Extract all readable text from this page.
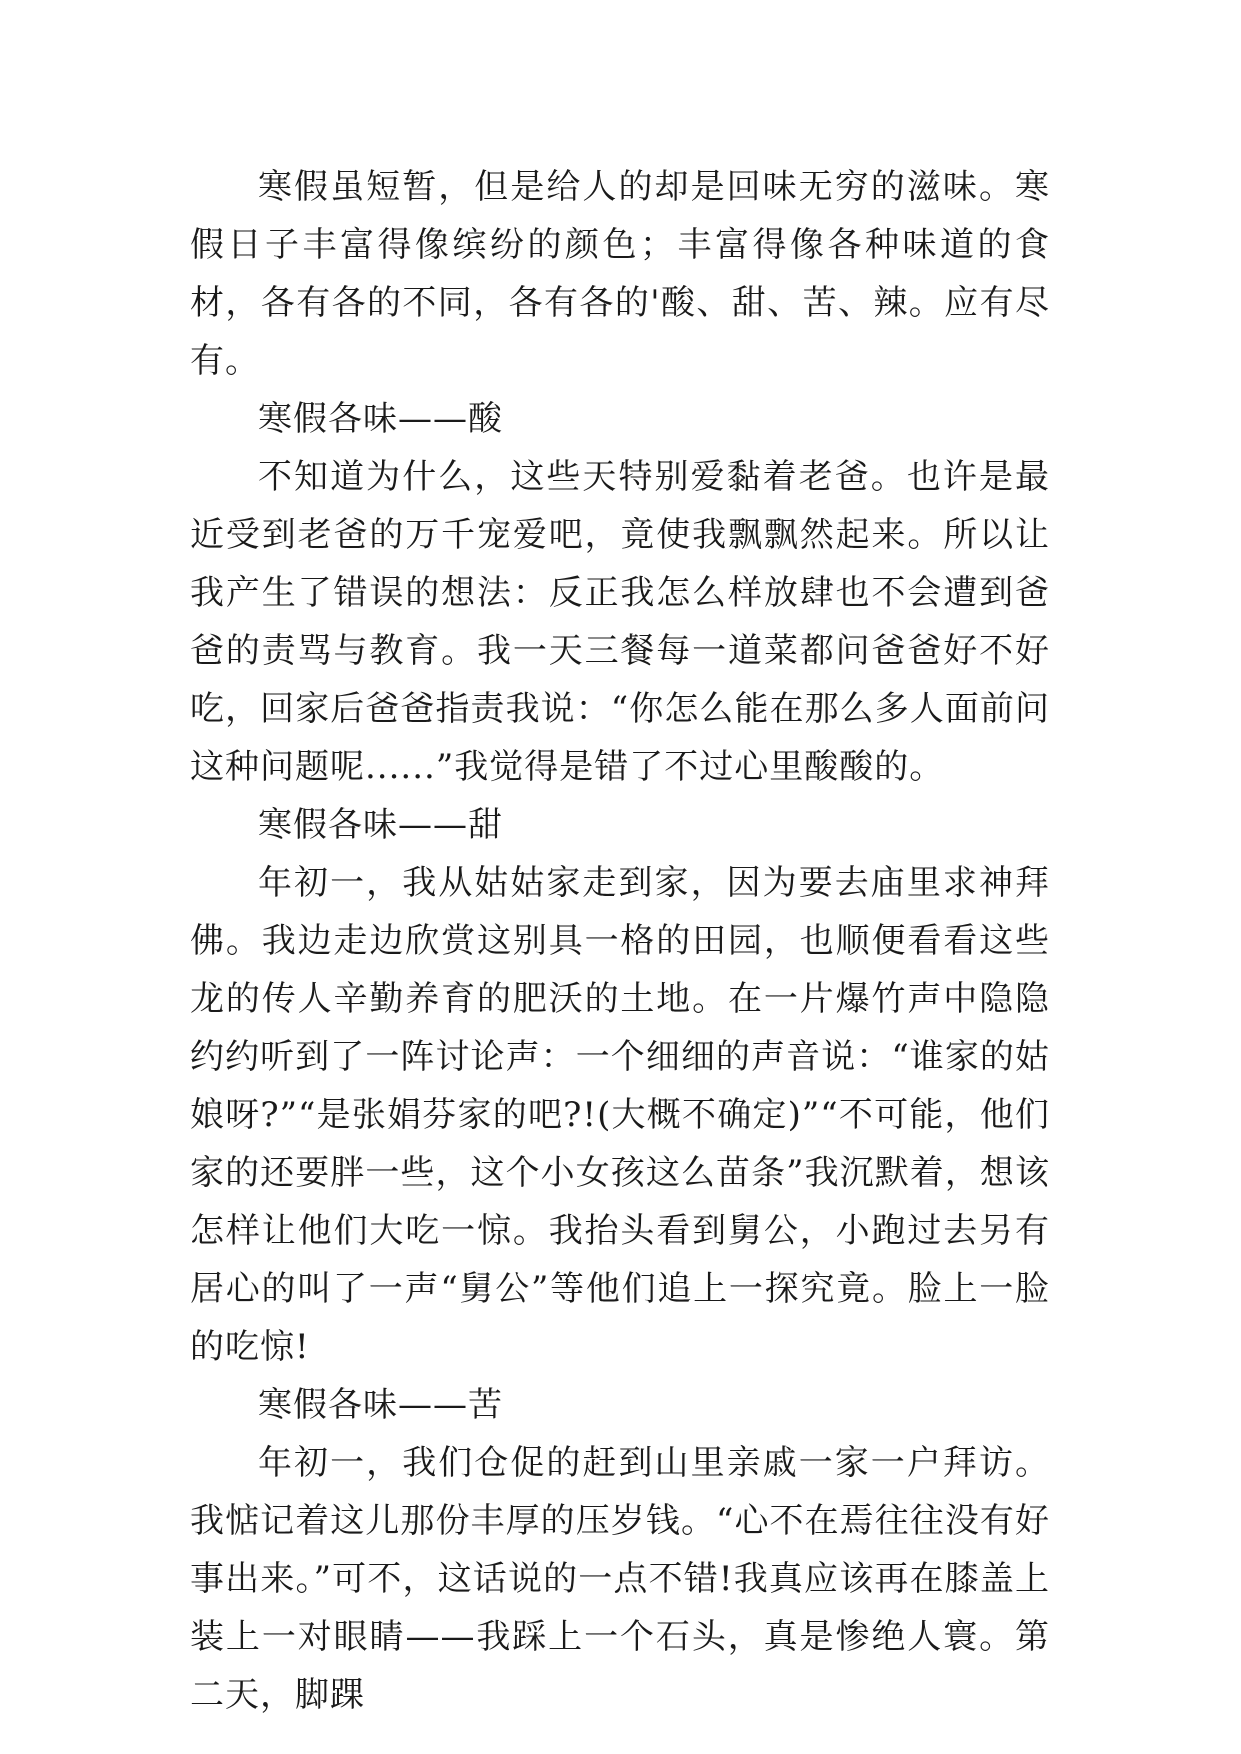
寒假虽短暂，但是给人的却是回味无穷的滋味。寒假日子丰富得像缤纷的颜色；丰富得像各种味道的食材，各有各的不同，各有各的'酸、甜、苦、辣。应有尽有。

寒假各味——酸

不知道为什么，这些天特别爱黏着老爸。也许是最近受到老爸的万千宠爱吧，竟使我飘飘然起来。所以让我产生了错误的想法：反正我怎么样放肆也不会遭到爸爸的责骂与教育。我一天三餐每一道菜都问爸爸好不好吃，回家后爸爸指责我说：“你怎么能在那么多人面前问这种问题呢......”我觉得是错了不过心里酸酸的。

寒假各味——甜

年初一，我从姑姑家走到家，因为要去庙里求神拜佛。我边走边欣赏这别具一格的田园，也顺便看看这些龙的传人辛勤养育的肥沃的土地。在一片爆竹声中隐隐约约听到了一阵讨论声：一个细细的声音说：“谁家的姑娘呀?”“是张娟芬家的吧?!(大概不确定)”“不可能，他们家的还要胖一些，这个小女孩这么苗条”我沉默着，想该怎样让他们大吃一惊。我抬头看到舅公，小跑过去另有居心的叫了一声“舅公”等他们追上一探究竟。脸上一脸的吃惊!

寒假各味——苦

年初一，我们仓促的赶到山里亲戚一家一户拜访。我惦记着这儿那份丰厚的压岁钱。“心不在焉往往没有好事出来。”可不，这话说的一点不错!我真应该再在膝盖上装上一对眼睛——我踩上一个石头，真是惨绝人寰。第二天，脚踝
